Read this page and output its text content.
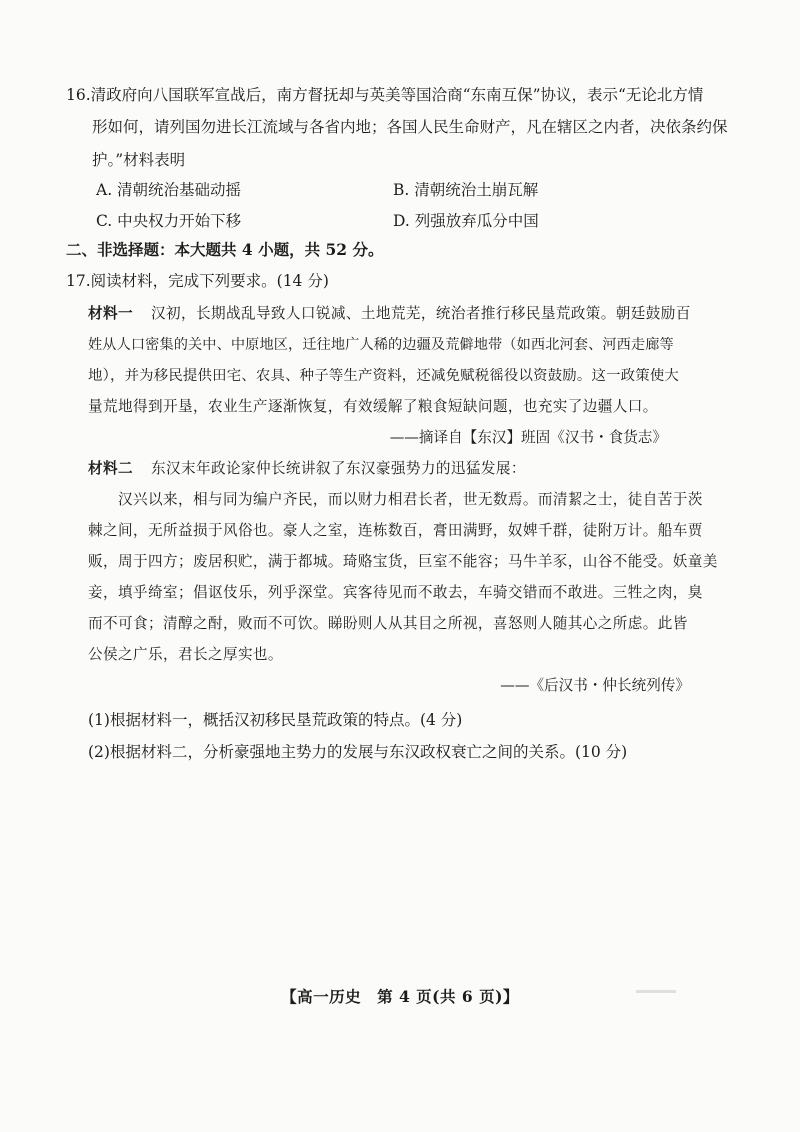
16.清政府向八国联军宣战后，南方督抚却与英美等国洽商“东南互保”协议，表示“无论北方情
形如何，请列国勿进长江流域与各省内地；各国人民生命财产，凡在辖区之内者，决依条约保
护。”材料表明
A. 清朝统治基础动摇	B. 清朝统治土崩瓦解
C. 中央权力开始下移	D. 列强放弃瓜分中国
二、非选择题：本大题共 4 小题，共 52 分。
17.阅读材料，完成下列要求。(14 分)
材料一 汉初，长期战乱导致人口锐减、土地荒芜，统治者推行移民垦荒政策。朝廷鼓励百
姓从人口密集的关中、中原地区，迁往地广人稀的边疆及荒僻地带（如西北河套、河西走廊等
地），并为移民提供田宅、农具、种子等生产资料，还减免赋税徭役以资鼓励。这一政策使大
量荒地得到开垦，农业生产逐渐恢复，有效缓解了粮食短缺问题，也充实了边疆人口。
——摘译自【东汉】班固《汉书・食货志》
材料二 东汉末年政论家仲长统讲叙了东汉豪强势力的迅猛发展：
汉兴以来，相与同为编户齐民，而以财力相君长者，世无数焉。而清絜之士，徒自苦于茨
棘之间，无所益损于风俗也。豪人之室，连栋数百，膏田满野，奴婢千群，徒附万计。船车贾
贩，周于四方；废居积贮，满于都城。琦赂宝货，巨室不能容；马牛羊豕，山谷不能受。妖童美
妾，填乎绮室；倡讴伎乐，列乎深堂。宾客待见而不敢去，车骑交错而不敢进。三牲之肉，臭
而不可食；清醇之酎，败而不可饮。睇盼则人从其目之所视，喜怒则人随其心之所虑。此皆
公侯之广乐，君长之厚实也。
——《后汉书・仲长统列传》
(1)根据材料一，概括汉初移民垦荒政策的特点。(4 分)
(2)根据材料二，分析豪强地主势力的发展与东汉政权衰亡之间的关系。(10 分)
【高一历史　第 4 页(共 6 页)】
